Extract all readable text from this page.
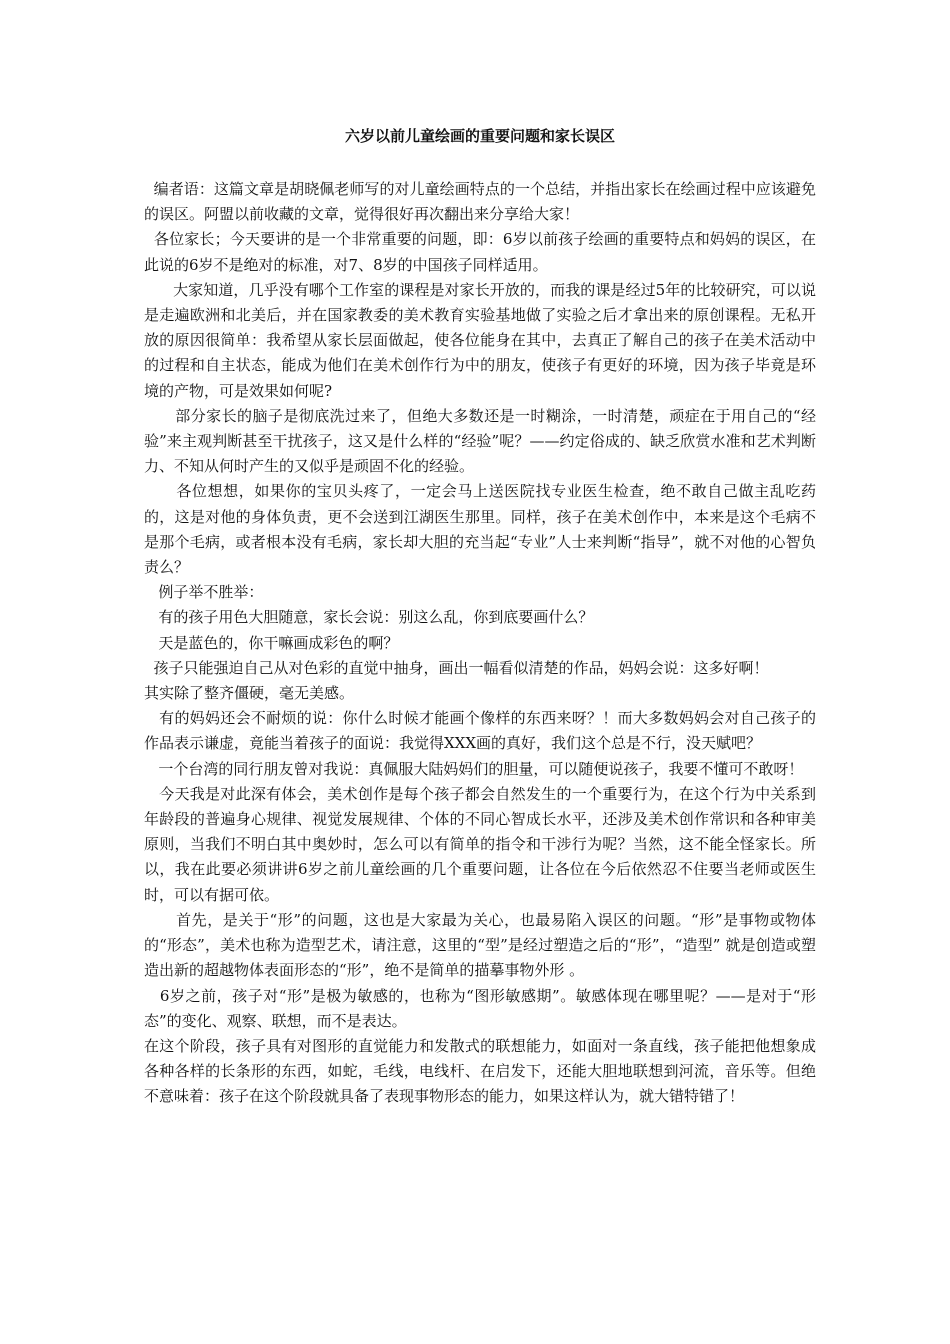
六岁以前儿童绘画的重要问题和家长误区

编者语：这篇文章是胡晓佩老师写的对儿童绘画特点的一个总结，并指出家长在绘画过程中应该避免的误区。阿盟以前收藏的文章，觉得很好再次翻出来分享给大家！

各位家长；今天要讲的是一个非常重要的问题，即：6岁以前孩子绘画的重要特点和妈妈的误区，在此说的6岁不是绝对的标准，对7、8岁的中国孩子同样适用。

大家知道，几乎没有哪个工作室的课程是对家长开放的，而我的课是经过5年的比较研究，可以说是走遍欧洲和北美后，并在国家教委的美术教育实验基地做了实验之后才拿出来的原创课程。无私开放的原因很简单：我希望从家长层面做起，使各位能身在其中，去真正了解自己的孩子在美术活动中的过程和自主状态，能成为他们在美术创作行为中的朋友，使孩子有更好的环境，因为孩子毕竟是环境的产物，可是效果如何呢?

部分家长的脑子是彻底洗过来了，但绝大多数还是一时糊涂，一时清楚，顽症在于用自己的“经验”来主观判断甚至干扰孩子，这又是什么样的“经验”呢？——约定俗成的、缺乏欣赏水准和艺术判断力、不知从何时产生的又似乎是顽固不化的经验。

各位想想，如果你的宝贝头疼了，一定会马上送医院找专业医生检查，绝不敢自己做主乱吃药的，这是对他的身体负责，更不会送到江湖医生那里。同样，孩子在美术创作中，本来是这个毛病不是那个毛病，或者根本没有毛病，家长却大胆的充当起“专业”人士来判断“指导”，就不对他的心智负责么？

例子举不胜举：

有的孩子用色大胆随意，家长会说：别这么乱，你到底要画什么？

天是蓝色的，你干嘛画成彩色的啊？

孩子只能强迫自己从对色彩的直觉中抽身，画出一幅看似清楚的作品，妈妈会说：这多好啊！

其实除了整齐僵硬，毫无美感。

有的妈妈还会不耐烦的说：你什么时候才能画个像样的东西来呀？！而大多数妈妈会对自己孩子的作品表示谦虚，竟能当着孩子的面说：我觉得XXX画的真好，我们这个总是不行，没天赋吧？

一个台湾的同行朋友曾对我说：真佩服大陆妈妈们的胆量，可以随便说孩子，我要不懂可不敢呀！

今天我是对此深有体会，美术创作是每个孩子都会自然发生的一个重要行为，在这个行为中关系到年龄段的普遍身心规律、视觉发展规律、个体的不同心智成长水平，还涉及美术创作常识和各种审美原则，当我们不明白其中奥妙时，怎么可以有简单的指令和干涉行为呢？当然，这不能全怪家长。所以，我在此要必须讲讲6岁之前儿童绘画的几个重要问题，让各位在今后依然忍不住要当老师或医生时，可以有据可依。

首先，是关于“形”的问题，这也是大家最为关心，也最易陷入误区的问题。“形”是事物或物体的“形态”，美术也称为造型艺术，请注意，这里的“型”是经过塑造之后的“形”，“造型” 就是创造或塑造出新的超越物体表面形态的“形”，绝不是简单的描摹事物外形 。

6岁之前，孩子对“形”是极为敏感的，也称为“图形敏感期”。敏感体现在哪里呢？——是对于“形态”的变化、观察、联想，而不是表达。

在这个阶段，孩子具有对图形的直觉能力和发散式的联想能力，如面对一条直线，孩子能把他想象成各种各样的长条形的东西，如蛇，毛线，电线杆、在启发下，还能大胆地联想到河流，音乐等。但绝不意味着：孩子在这个阶段就具备了表现事物形态的能力，如果这样认为，就大错特错了！
